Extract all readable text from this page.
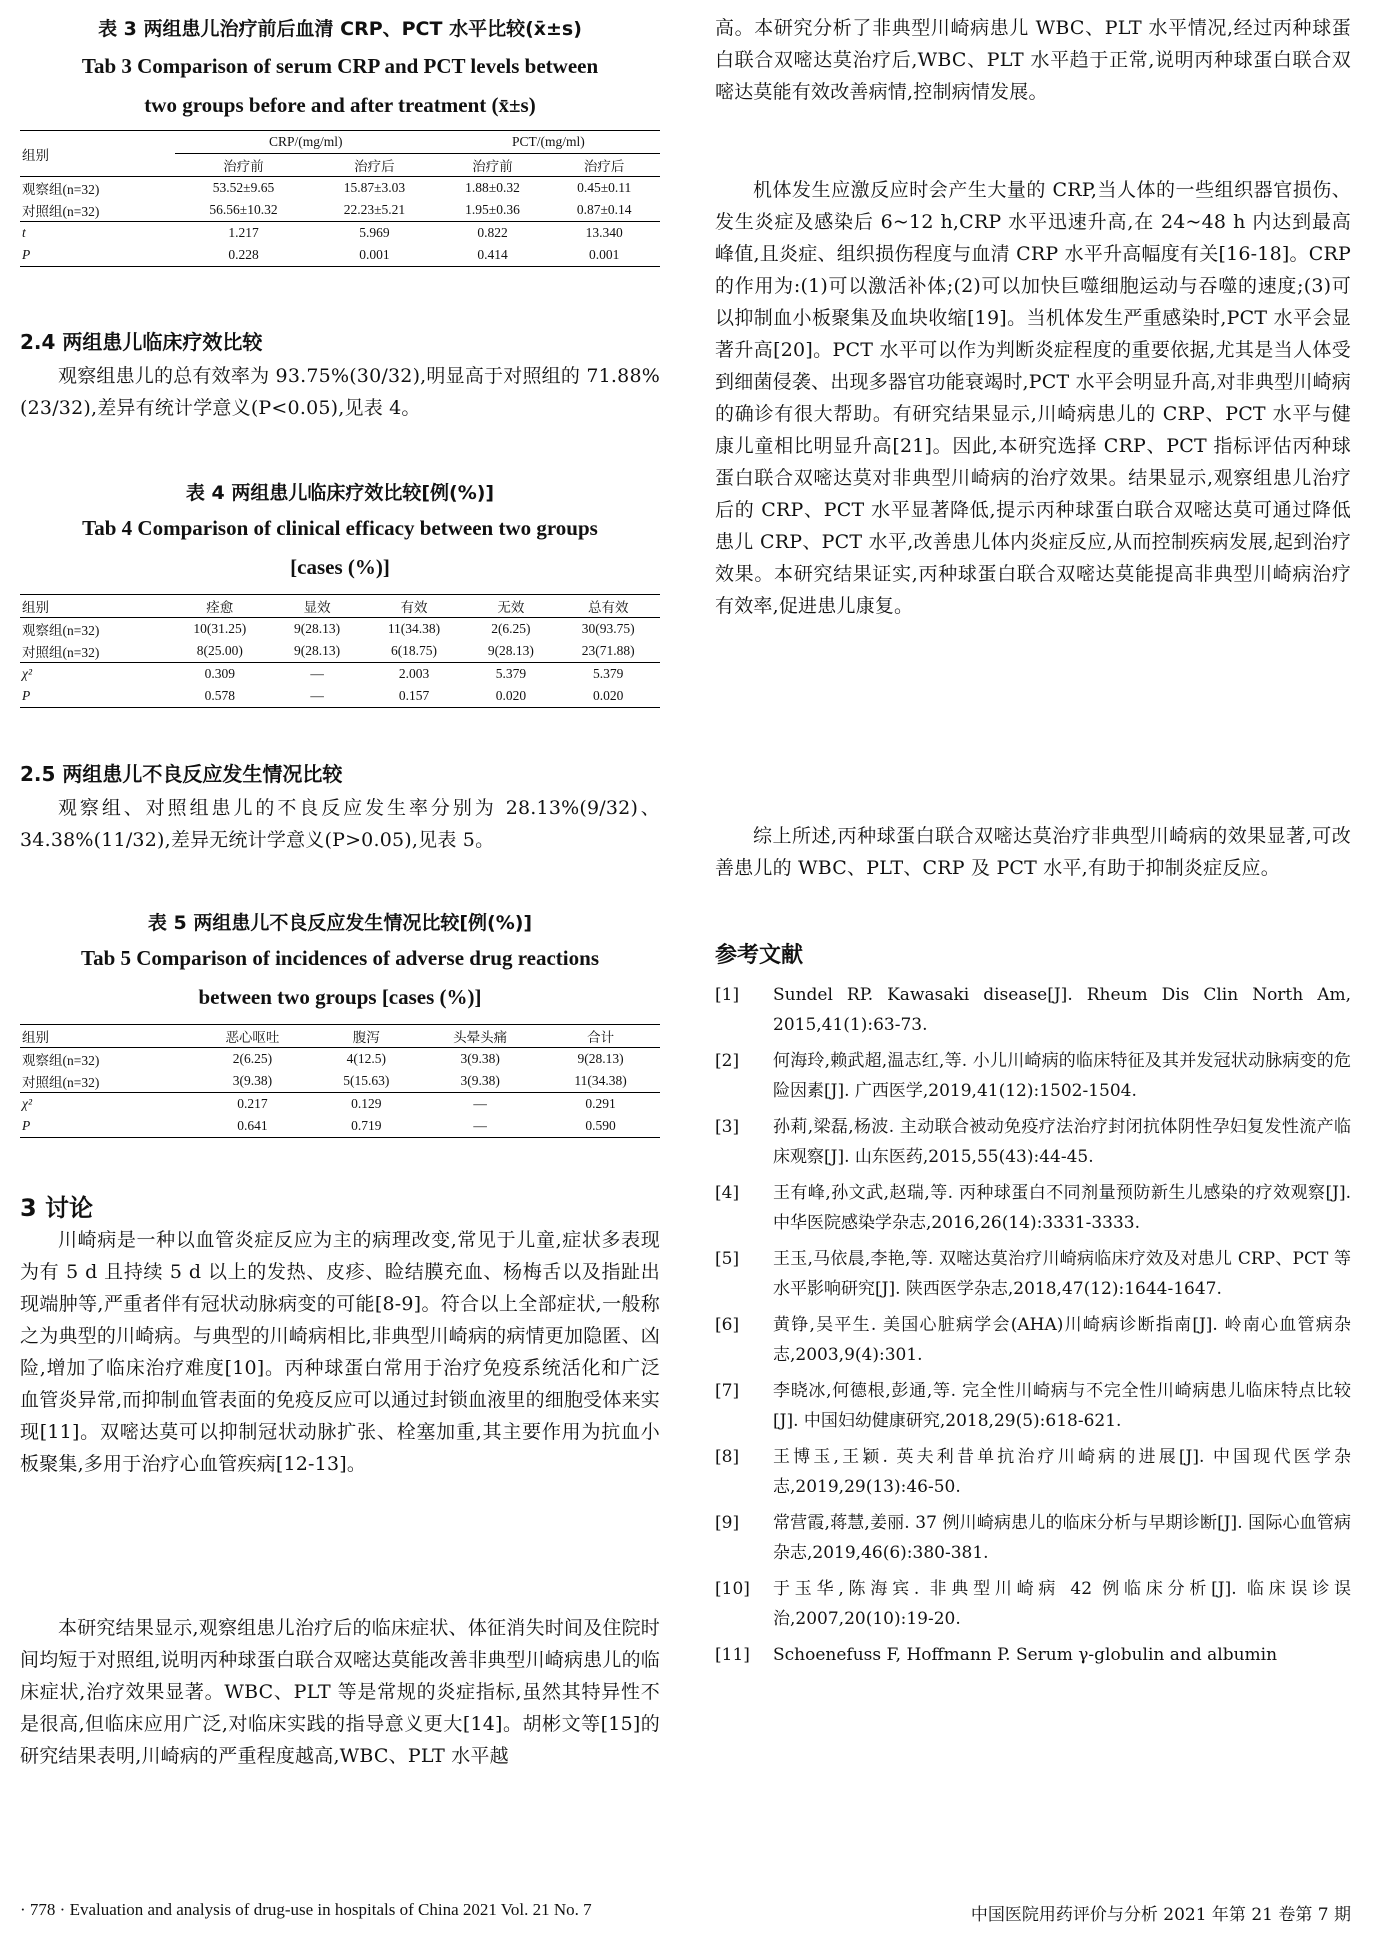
表 3 两组患儿治疗前后血清 CRP、PCT 水平比较(x̄±s)
Tab 3 Comparison of serum CRP and PCT levels between
two groups before and after treatment (x̄±s)
组别	CRP/(mg/ml)		PCT/(mg/ml)	
	治疗前	治疗后	治疗前	治疗后
观察组(n=32)	53.52±9.65	15.87±3.03	1.88±0.32	0.45±0.11
对照组(n=32)	56.56±10.32	22.23±5.21	1.95±0.36	0.87±0.14
t	1.217	5.969	0.822	13.340
P	0.228	0.001	0.414	0.001
2.4 两组患儿临床疗效比较

观察组患儿的总有效率为 93.75%(30/32),明显高于对照组的 71.88%(23/32),差异有统计学意义(P<0.05),见表 4。

表 4 两组患儿临床疗效比较[例(%)]
Tab 4 Comparison of clinical efficacy between two groups
[cases (%)]
组别	痊愈	显效	有效	无效	总有效
观察组(n=32)	10(31.25)	9(28.13)	11(34.38)	2(6.25)	30(93.75)
对照组(n=32)	8(25.00)	9(28.13)	6(18.75)	9(28.13)	23(71.88)
χ²	0.309	—	2.003	5.379	5.379
P	0.578	—	0.157	0.020	0.020
2.5 两组患儿不良反应发生情况比较

观察组、对照组患儿的不良反应发生率分别为 28.13%(9/32)、34.38%(11/32),差异无统计学意义(P>0.05),见表 5。

表 5 两组患儿不良反应发生情况比较[例(%)]
Tab 5 Comparison of incidences of adverse drug reactions
between two groups [cases (%)]
组别	恶心呕吐	腹泻	头晕头痛	合计
观察组(n=32)	2(6.25)	4(12.5)	3(9.38)	9(28.13)
对照组(n=32)	3(9.38)	5(15.63)	3(9.38)	11(34.38)
χ²	0.217	0.129	—	0.291
P	0.641	0.719	—	0.590
3 讨论

川崎病是一种以血管炎症反应为主的病理改变,常见于儿童,症状多表现为有 5 d 且持续 5 d 以上的发热、皮疹、睑结膜充血、杨梅舌以及指趾出现端肿等,严重者伴有冠状动脉病变的可能[8-9]。符合以上全部症状,一般称之为典型的川崎病。与典型的川崎病相比,非典型川崎病的病情更加隐匿、凶险,增加了临床治疗难度[10]。丙种球蛋白常用于治疗免疫系统活化和广泛血管炎异常,而抑制血管表面的免疫反应可以通过封锁血液里的细胞受体来实现[11]。双嘧达莫可以抑制冠状动脉扩张、栓塞加重,其主要作用为抗血小板聚集,多用于治疗心血管疾病[12-13]。

本研究结果显示,观察组患儿治疗后的临床症状、体征消失时间及住院时间均短于对照组,说明丙种球蛋白联合双嘧达莫能改善非典型川崎病患儿的临床症状,治疗效果显著。WBC、PLT 等是常规的炎症指标,虽然其特异性不是很高,但临床应用广泛,对临床实践的指导意义更大[14]。胡彬文等[15]的研究结果表明,川崎病的严重程度越高,WBC、PLT 水平越

高。本研究分析了非典型川崎病患儿 WBC、PLT 水平情况,经过丙种球蛋白联合双嘧达莫治疗后,WBC、PLT 水平趋于正常,说明丙种球蛋白联合双嘧达莫能有效改善病情,控制病情发展。

机体发生应激反应时会产生大量的 CRP,当人体的一些组织器官损伤、发生炎症及感染后 6~12 h,CRP 水平迅速升高,在 24~48 h 内达到最高峰值,且炎症、组织损伤程度与血清 CRP 水平升高幅度有关[16-18]。CRP 的作用为:(1)可以激活补体;(2)可以加快巨噬细胞运动与吞噬的速度;(3)可以抑制血小板聚集及血块收缩[19]。当机体发生严重感染时,PCT 水平会显著升高[20]。PCT 水平可以作为判断炎症程度的重要依据,尤其是当人体受到细菌侵袭、出现多器官功能衰竭时,PCT 水平会明显升高,对非典型川崎病的确诊有很大帮助。有研究结果显示,川崎病患儿的 CRP、PCT 水平与健康儿童相比明显升高[21]。因此,本研究选择 CRP、PCT 指标评估丙种球蛋白联合双嘧达莫对非典型川崎病的治疗效果。结果显示,观察组患儿治疗后的 CRP、PCT 水平显著降低,提示丙种球蛋白联合双嘧达莫可通过降低患儿 CRP、PCT 水平,改善患儿体内炎症反应,从而控制疾病发展,起到治疗效果。本研究结果证实,丙种球蛋白联合双嘧达莫能提高非典型川崎病治疗有效率,促进患儿康复。

综上所述,丙种球蛋白联合双嘧达莫治疗非典型川崎病的效果显著,可改善患儿的 WBC、PLT、CRP 及 PCT 水平,有助于抑制炎症反应。

参考文献
[1]	Sundel RP. Kawasaki disease[J]. Rheum Dis Clin North Am, 2015,41(1):63-73.
[2]	何海玲,赖武超,温志红,等. 小儿川崎病的临床特征及其并发冠状动脉病变的危险因素[J]. 广西医学,2019,41(12):1502-1504.
[3]	孙莉,梁磊,杨波. 主动联合被动免疫疗法治疗封闭抗体阴性孕妇复发性流产临床观察[J]. 山东医药,2015,55(43):44-45.
[4]	王有峰,孙文武,赵瑞,等. 丙种球蛋白不同剂量预防新生儿感染的疗效观察[J]. 中华医院感染学杂志,2016,26(14):3331-3333.
[5]	王玉,马依晨,李艳,等. 双嘧达莫治疗川崎病临床疗效及对患儿 CRP、PCT 等水平影响研究[J]. 陕西医学杂志,2018,47(12):1644-1647.
[6]	黄铮,吴平生. 美国心脏病学会(AHA)川崎病诊断指南[J]. 岭南心血管病杂志,2003,9(4):301.
[7]	李晓冰,何德根,彭通,等. 完全性川崎病与不完全性川崎病患儿临床特点比较[J]. 中国妇幼健康研究,2018,29(5):618-621.
[8]	王博玉,王颖. 英夫利昔单抗治疗川崎病的进展[J]. 中国现代医学杂志,2019,29(13):46-50.
[9]	常营霞,蒋慧,姜丽. 37 例川崎病患儿的临床分析与早期诊断[J]. 国际心血管病杂志,2019,46(6):380-381.
[10]	于玉华,陈海宾. 非典型川崎病 42 例临床分析[J]. 临床误诊误治,2007,20(10):19-20.
[11]	Schoenefuss F, Hoffmann P. Serum γ-globulin and albumin
· 778 · Evaluation and analysis of drug-use in hospitals of China 2021 Vol. 21 No. 7	中国医院用药评价与分析 2021 年第 21 卷第 7 期
